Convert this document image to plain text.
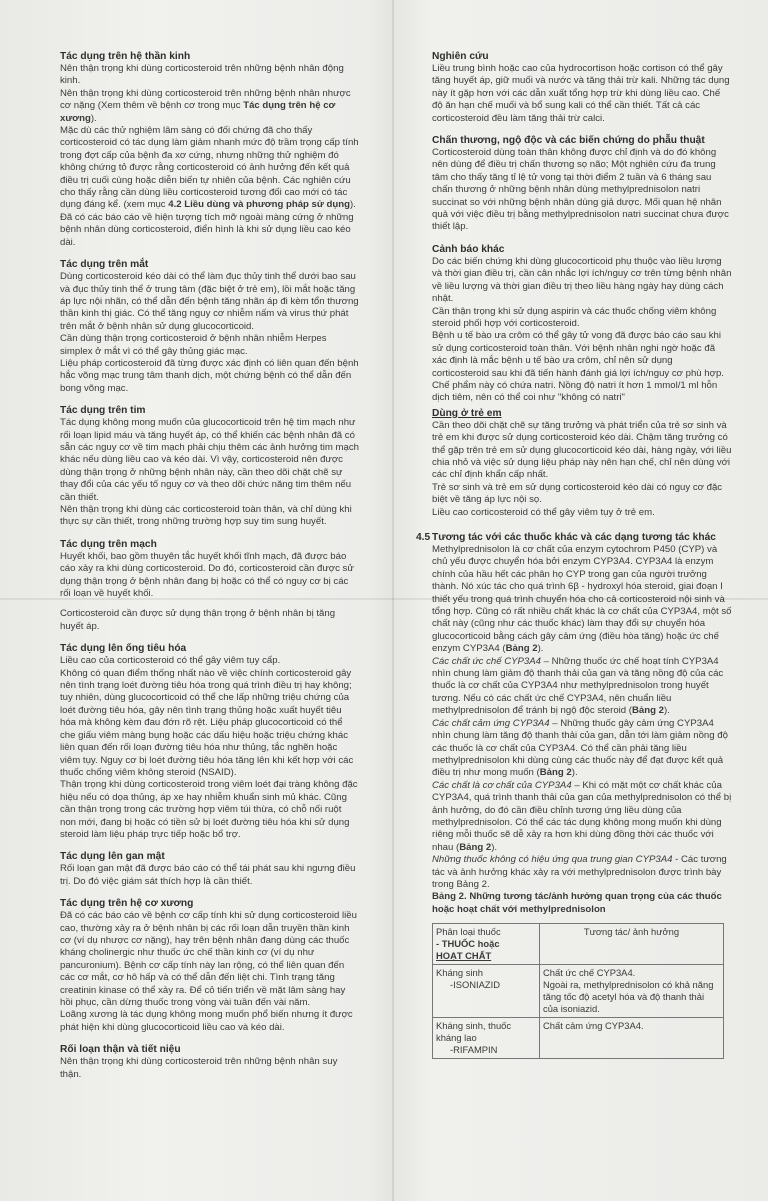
Tác dụng trên hệ thần kinh

Nên thận trọng khi dùng corticosteroid trên những bệnh nhân động kinh.

Nên thận trọng khi dùng corticosteroid trên những bệnh nhân nhược cơ nặng (Xem thêm về bệnh cơ trong mục Tác dụng trên hệ cơ xương).

Mặc dù các thử nghiệm lâm sàng có đối chứng đã cho thấy corticosteroid có tác dụng làm giảm nhanh mức độ trầm trọng cấp tính trong đợt cấp của bệnh đa xơ cứng, nhưng những thử nghiệm đó không chứng tỏ được rằng corticosteroid có ảnh hưởng đến kết quả điều trị cuối cùng hoặc diễn biến tự nhiên của bệnh. Các nghiên cứu cho thấy rằng cần dùng liều corticosteroid tương đối cao mới có tác dụng đáng kể. (xem mục 4.2 Liều dùng và phương pháp sử dụng).

Đã có các báo cáo về hiện tượng tích mỡ ngoài màng cứng ở những bệnh nhân dùng corticosteroid, điển hình là khi sử dụng liều cao kéo dài.

Tác dụng trên mắt

Dùng corticosteroid kéo dài có thể làm đục thủy tinh thể dưới bao sau và đục thủy tinh thể ở trung tâm (đặc biệt ở trẻ em), lồi mắt hoặc tăng áp lực nội nhãn, có thể dẫn đến bệnh tăng nhãn áp đi kèm tổn thương thần kinh thị giác. Có thể tăng nguy cơ nhiễm nấm và virus thứ phát trên mắt ở bệnh nhân sử dụng glucocorticoid.

Cần dùng thận trọng corticosteroid ở bệnh nhân nhiễm Herpes simplex ở mắt vì có thể gây thủng giác mạc.

Liệu pháp corticosteroid đã từng được xác định có liên quan đến bệnh hắc võng mạc trung tâm thanh dịch, một chứng bệnh có thể dẫn đến bong võng mạc.

Tác dụng trên tim

Tác dụng không mong muốn của glucocorticoid trên hệ tim mạch như rối loạn lipid máu và tăng huyết áp, có thể khiến các bệnh nhân đã có sẵn các nguy cơ về tim mạch phải chịu thêm các ảnh hưởng tim mạch khác nếu dùng liều cao và kéo dài. Vì vậy, corticosteroid nên được dùng thận trọng ở những bệnh nhân này, cần theo dõi chặt chẽ sự thay đổi của các yếu tố nguy cơ và theo dõi chức năng tim thêm nếu cần thiết.

Nên thận trọng khi dùng các corticosteroid toàn thân, và chỉ dùng khi thực sự cần thiết, trong những trường hợp suy tim sung huyết.

Tác dụng trên mạch

Huyết khối, bao gồm thuyên tắc huyết khối tĩnh mạch, đã được báo cáo xảy ra khi dùng corticosteroid. Do đó, corticosteroid cần được sử dụng thận trọng ở bệnh nhân đang bị hoặc có thể có nguy cơ bị các rối loạn về huyết khối.

Corticosteroid cần được sử dụng thận trọng ở bệnh nhân bị tăng huyết áp.

Tác dụng lên ống tiêu hóa

Liều cao của corticosteroid có thể gây viêm tụy cấp.

Không có quan điểm thống nhất nào về việc chính corticosteroid gây nên tình trạng loét đường tiêu hóa trong quá trình điều trị hay không; tuy nhiên, dùng glucocorticoid có thể che lấp những triệu chứng của loét đường tiêu hóa, gây nên tình trạng thủng hoặc xuất huyết tiêu hóa mà không kèm đau đớn rõ rệt. Liệu pháp glucocorticoid có thể che giấu viêm màng bụng hoặc các dấu hiệu hoặc triệu chứng khác liên quan đến rối loạn đường tiêu hóa như thủng, tắc nghẽn hoặc viêm tụy. Nguy cơ bị loét đường tiêu hóa tăng lên khi kết hợp với các thuốc chống viêm không steroid (NSAID).

Thận trọng khi dùng corticosteroid trong viêm loét đại tràng không đặc hiệu nếu có dọa thủng, áp xe hay nhiễm khuẩn sinh mủ khác. Cũng cần thận trọng trong các trường hợp viêm túi thừa, có chỗ nối ruột non mới, đang bị hoặc có tiền sử bị loét đường tiêu hóa khi sử dụng steroid làm liệu pháp trực tiếp hoặc bổ trợ.

Tác dụng lên gan mật

Rối loạn gan mật đã được báo cáo có thể tái phát sau khi ngưng điều trị. Do đó việc giám sát thích hợp là cần thiết.

Tác dụng trên hệ cơ xương

Đã có các báo cáo về bệnh cơ cấp tính khi sử dụng corticosteroid liều cao, thường xảy ra ở bệnh nhân bị các rối loạn dẫn truyền thần kinh cơ (ví dụ nhược cơ nặng), hay trên bệnh nhân đang dùng các thuốc kháng cholinergic như thuốc ức chế thần kinh cơ (ví dụ như pancuronium). Bệnh cơ cấp tính này lan rộng, có thể liên quan đến các cơ mắt, cơ hô hấp và có thể dẫn đến liệt chi. Tình trạng tăng creatinin kinase có thể xảy ra. Để cỏ tiến triển về mặt lâm sàng hay hồi phục, cần dừng thuốc trong vòng vài tuần đến vài năm.

Loãng xương là tác dụng không mong muốn phổ biến nhưng ít được phát hiện khi dùng glucocorticoid liều cao và kéo dài.

Rối loạn thận và tiết niệu

Nên thận trọng khi dùng corticosteroid trên những bệnh nhân suy thận.

Nghiên cứu

Liều trung bình hoặc cao của hydrocortison hoặc cortison có thể gây tăng huyết áp, giữ muối và nước và tăng thải trừ kali. Những tác dụng này ít gặp hơn với các dẫn xuất tổng hợp trừ khi dùng liều cao. Chế độ ăn hạn chế muối và bổ sung kali có thể cần thiết. Tất cả các corticosteroid đều làm tăng thải trừ calci.

Chấn thương, ngộ độc và các biến chứng do phẫu thuật

Corticosteroid dùng toàn thân không được chỉ định và do đó không nên dùng để điều trị chấn thương sọ não; Một nghiên cứu đa trung tâm cho thấy tăng tỉ lệ tử vong tại thời điểm 2 tuần và 6 tháng sau chấn thương ở những bệnh nhân dùng methylprednisolon natri succinat so với những bệnh nhân dùng giả dược. Mối quan hệ nhân quả với việc điều trị bằng methylprednisolon natri succinat chưa được thiết lập.

Cảnh báo khác

Do các biến chứng khi dùng glucocorticoid phụ thuộc vào liều lượng và thời gian điều trị, cần cân nhắc lợi ích/nguy cơ trên từng bệnh nhân về liều lượng và thời gian điều trị theo liều hàng ngày hay dùng cách nhật.

Cần thận trọng khi sử dụng aspirin và các thuốc chống viêm không steroid phối hợp với corticosteroid.

Bệnh u tế bào ưa crôm có thể gây tử vong đã được báo cáo sau khi sử dụng corticosteroid toàn thân. Với bệnh nhân nghi ngờ hoặc đã xác định là mắc bệnh u tế bào ưa crôm, chỉ nên sử dụng corticosteroid sau khi đã tiến hành đánh giá lợi ích/nguy cơ phù hợp.

Chế phẩm này có chứa natri. Nồng độ natri ít hơn 1 mmol/1 ml hỗn dịch tiêm, nên có thể coi như "không có natri"

Dùng ở trẻ em

Cần theo dõi chặt chẽ sự tăng trưởng và phát triển của trẻ sơ sinh và trẻ em khi được sử dụng corticosteroid kéo dài. Chậm tăng trưởng có thể gặp trên trẻ em sử dụng glucocorticoid kéo dài, hàng ngày, với liều chia nhỏ và việc sử dụng liệu pháp này nên hạn chế, chỉ nên dùng với các chỉ định khẩn cấp nhất.

Trẻ sơ sinh và trẻ em sử dụng corticosteroid kéo dài có nguy cơ đặc biệt về tăng áp lực nội sọ.

Liều cao corticosteroid có thể gây viêm tụy ở trẻ em.

4.5 Tương tác với các thuốc khác và các dạng tương tác khác

Methylprednisolon là cơ chất của enzym cytochrom P450 (CYP) và chủ yếu được chuyển hóa bởi enzym CYP3A4. CYP3A4 là enzym chính của hầu hết các phân họ CYP trong gan của người trưởng thành. Nó xúc tác cho quá trình 6β - hydroxyl hóa steroid, giai đoạn I thiết yếu trong quá trình chuyển hóa cho cả corticosteroid nội sinh và tổng hợp. Cũng có rất nhiều chất khác là cơ chất của CYP3A4, một số chất này (cũng như các thuốc khác) làm thay đổi sự chuyển hóa glucocorticoid bằng cách gây cảm ứng (điều hòa tăng) hoặc ức chế enzym CYP3A4 (Bảng 2).

Các chất ức chế CYP3A4 – Những thuốc ức chế hoạt tính CYP3A4 nhìn chung làm giảm độ thanh thải của gan và tăng nồng độ của các thuốc là cơ chất của CYP3A4 như methylprednisolon trong huyết tương. Nếu có các chất ức chế CYP3A4, nên chuẩn liều methylprednisolon để tránh bị ngộ độc steroid (Bảng 2).

Các chất cảm ứng CYP3A4 – Những thuốc gây cảm ứng CYP3A4 nhìn chung làm tăng độ thanh thải của gan, dẫn tới làm giảm nồng độ các thuốc là cơ chất của CYP3A4. Có thể cần phải tăng liều methylprednisolon khi dùng cùng các thuốc này để đạt được kết quả điều trị như mong muốn (Bảng 2).

Các chất là cơ chất của CYP3A4 – Khi có mặt một cơ chất khác của CYP3A4, quá trình thanh thải của gan của methylprednisolon có thể bị ảnh hưởng, do đó cần điều chỉnh tương ứng liều dùng của methylprednisolon. Có thể các tác dụng không mong muốn khi dùng riêng mỗi thuốc sẽ dễ xảy ra hơn khi dùng đồng thời các thuốc với nhau (Bảng 2).

Những thuốc không có hiệu ứng qua trung gian CYP3A4 - Các tương tác và ảnh hưởng khác xảy ra với methylprednisolon được trình bày trong Bảng 2.

Bảng 2. Những tương tác/ảnh hưởng quan trọng của các thuốc hoặc hoạt chất với methylprednisolon

Phân loại thuốc
- THUỐC hoặc
HOẠT CHẤT	Tương tác/ ảnh hưởng

Kháng sinh
-ISONIAZID	Chất ức chế CYP3A4.
Ngoài ra, methylprednisolon có khả năng tăng tốc độ acetyl hóa và độ thanh thải của isoniazid.

Kháng sinh, thuốc kháng lao
-RIFAMPIN	Chất cảm ứng CYP3A4.
